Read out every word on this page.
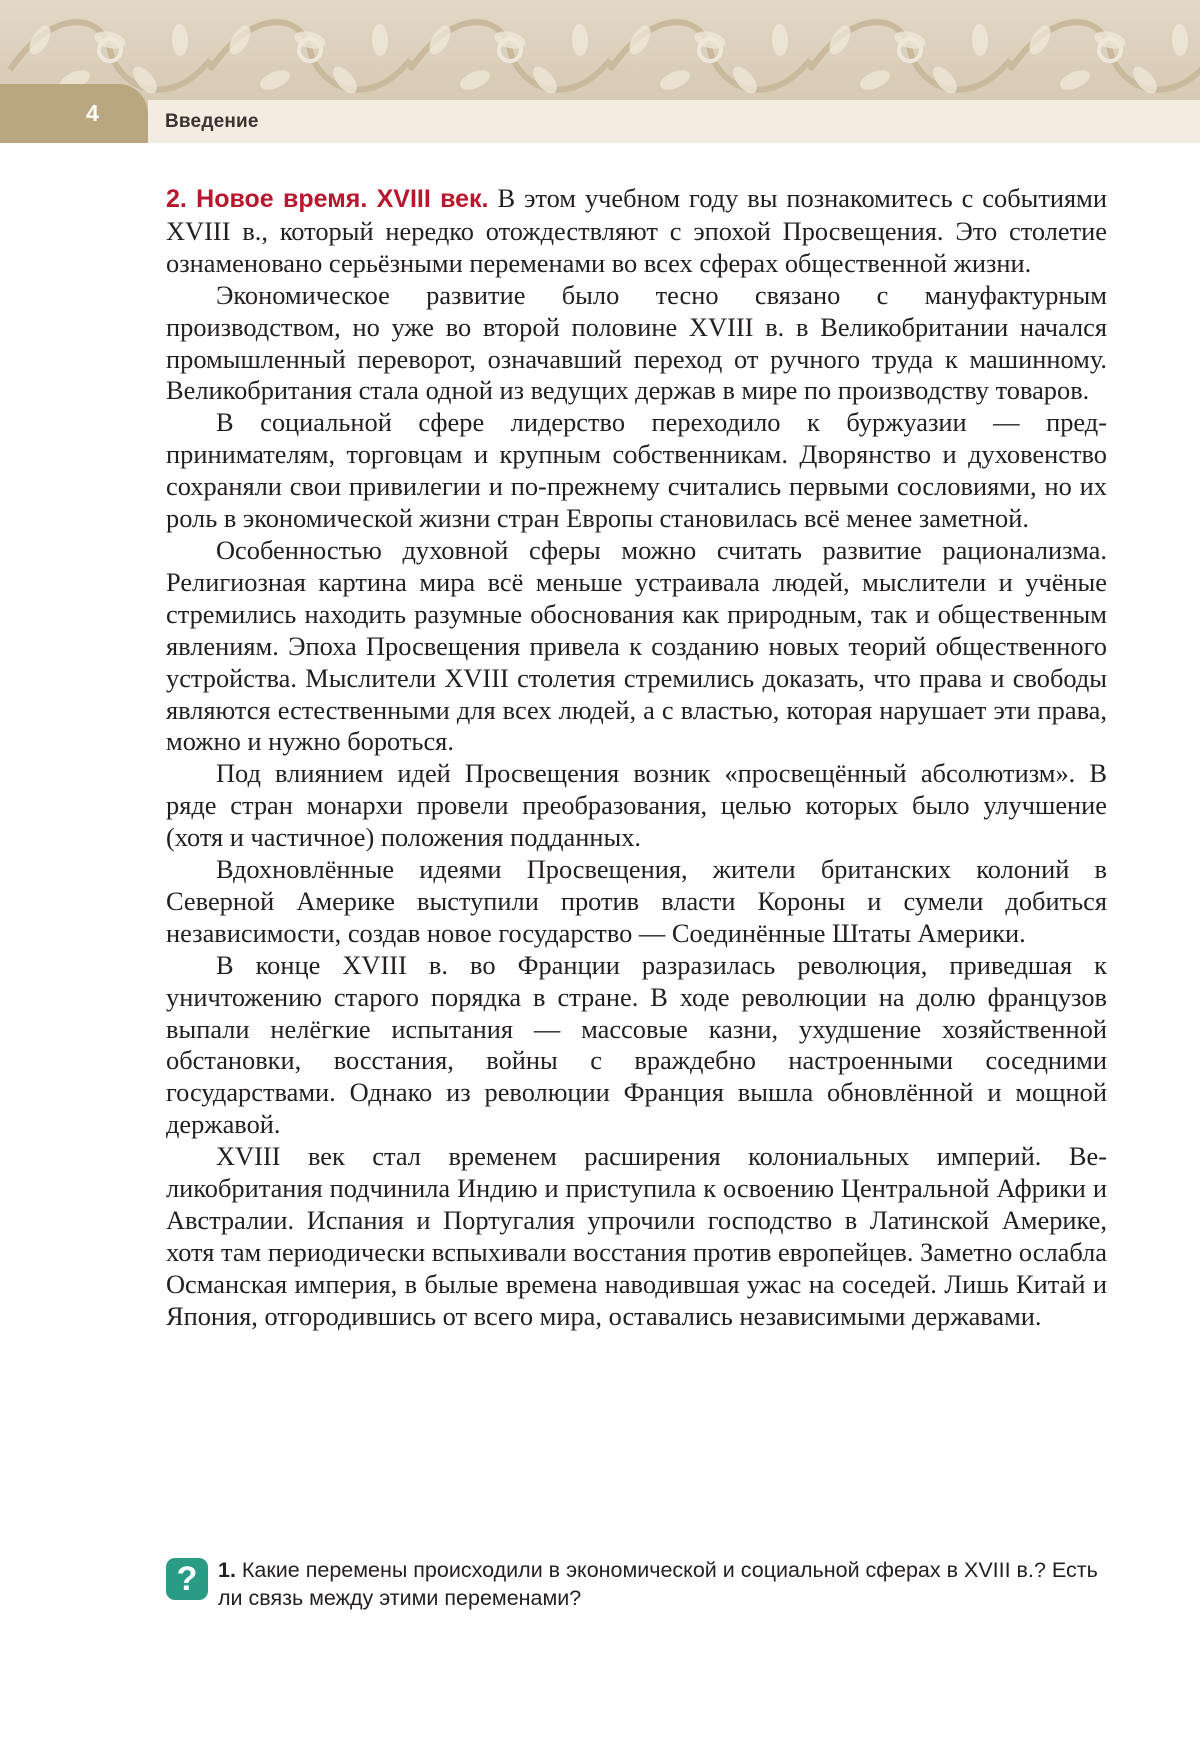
4	Введение

2. Новое время. XVIII век. В этом учебном году вы познакомитесь с событиями XVIII в., который нередко отождествляют с эпохой Просвещения. Это столетие ознаменовано серьёзными переменами во всех сферах общественной жизни.

Экономическое развитие было тесно связано с мануфактурным производством, но уже во второй половине XVIII в. в Великобритании начался промышленный переворот, означавший переход от ручного труда к машинному. Великобритания стала одной из ведущих держав в мире по производству товаров.

В социальной сфере лидерство переходило к буржуазии — предпринимателям, торговцам и крупным собственникам. Дворянство и духовенство сохраняли свои привилегии и по-прежнему считались первыми сословиями, но их роль в экономической жизни стран Европы становилась всё менее заметной.

Особенностью духовной сферы можно считать развитие рационализма. Религиозная картина мира всё меньше устраивала людей, мыслители и учёные стремились находить разумные обоснования как природным, так и общественным явлениям. Эпоха Просвещения привела к созданию новых теорий общественного устройства. Мыслители XVIII столетия стремились доказать, что права и свободы являются естественными для всех людей, а с властью, которая нарушает эти права, можно и нужно бороться.

Под влиянием идей Просвещения возник «просвещённый абсолютизм». В ряде стран монархи провели преобразования, целью которых было улучшение (хотя и частичное) положения подданных.

Вдохновлённые идеями Просвещения, жители британских колоний в Северной Америке выступили против власти Короны и сумели добиться независимости, создав новое государство — Соединённые Штаты Америки.

В конце XVIII в. во Франции разразилась революция, приведшая к уничтожению старого порядка в стране. В ходе революции на долю французов выпали нелёгкие испытания — массовые казни, ухудшение хозяйственной обстановки, восстания, войны с враждебно настроенными соседними государствами. Однако из революции Франция вышла обновлённой и мощной державой.

XVIII век стал временем расширения колониальных империй. Великобритания подчинила Индию и приступила к освоению Центральной Африки и Австралии. Испания и Португалия упрочили господство в Латинской Америке, хотя там периодически вспыхивали восстания против европейцев. Заметно ослабла Османская империя, в былые времена наводившая ужас на соседей. Лишь Китай и Япония, отгородившись от всего мира, оставались независимыми державами.

? 1. Какие перемены происходили в экономической и социальной сферах в XVIII в.? Есть ли связь между этими переменами?
